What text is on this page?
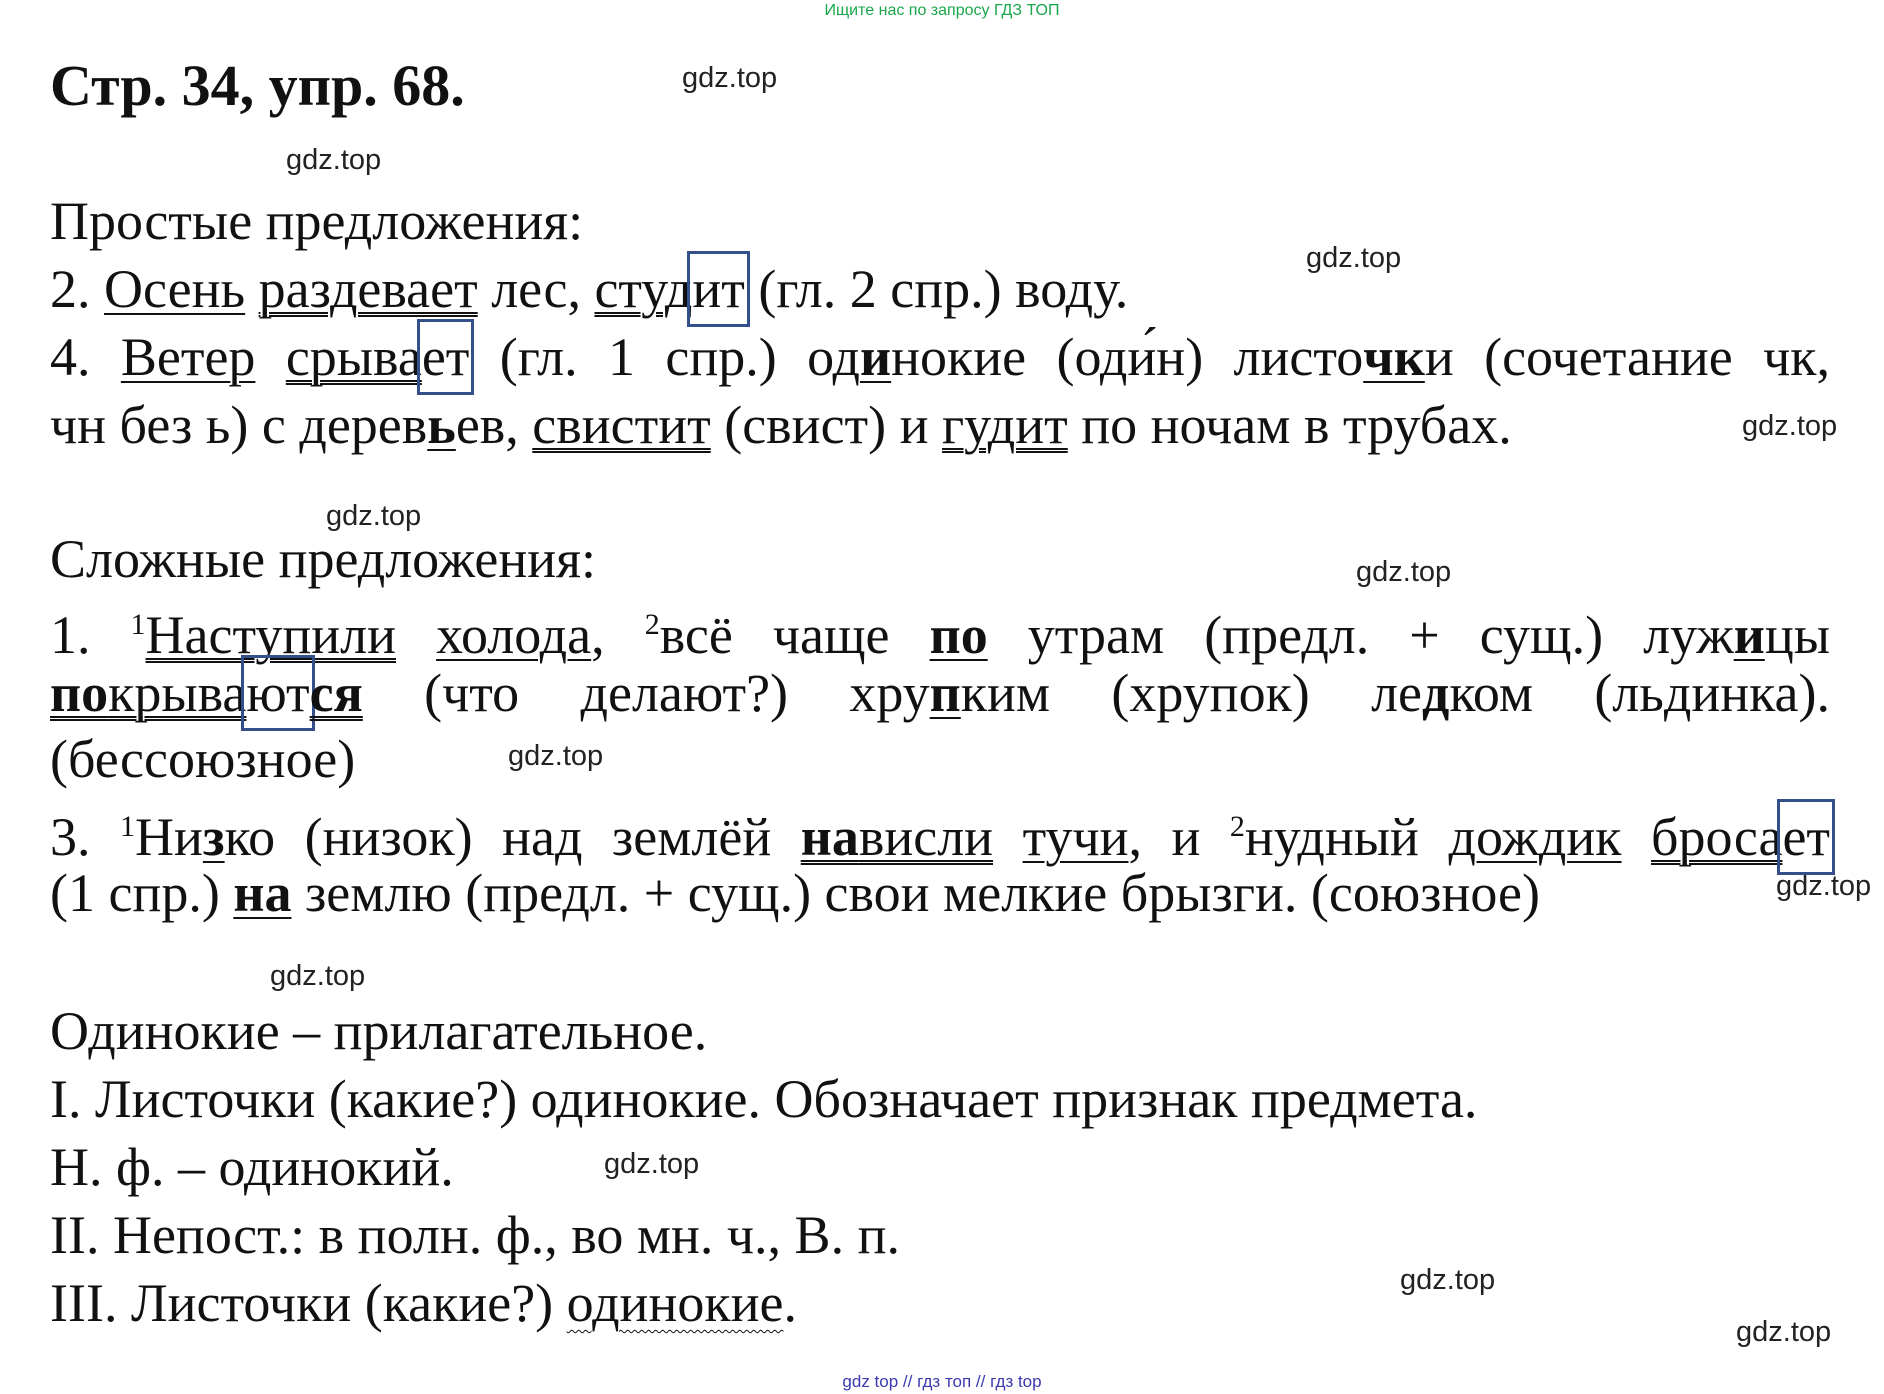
Ищите нас по запросу ГДЗ ТОП
Стр. 34, упр. 68.	gdz.top
gdz.top
gdz.top
gdz.top
gdz.top
gdz.top
gdz.top
gdz.top
gdz.top
gdz.top
gdz.top
gdz.top
Простые предложения:
2. Осень раздевает лес, студит (гл. 2 спр.) воду.
4. Ветер срывает (гл. 1 спр.) одинокие (оди́н) листочки (сочетание чк,
чн без ь) с деревьев, свистит (свист) и гудит по ночам в трубах.
Сложные предложения:
1. $^1$Наступили холода, $^2$всё чаще по утрам (предл. + сущ.) лужицы
покрываются (что делают?) хрупким (хрупок) ледком (льдинка).
(бессоюзное)
3. $^1$Низко (низок) над землёй нависли тучи, и $^2$нудный дождик бросает
(1 спр.) на землю (предл. + сущ.) свои мелкие брызги. (союзное)
Одинокие – прилагательное.
I. Листочки (какие?) одинокие. Обозначает признак предмета.
Н. ф. – одинокий.
II. Непост.: в полн. ф., во мн. ч., В. п.
III. Листочки (какие?) одинокие.
gdz top // гдз топ // гдз top
